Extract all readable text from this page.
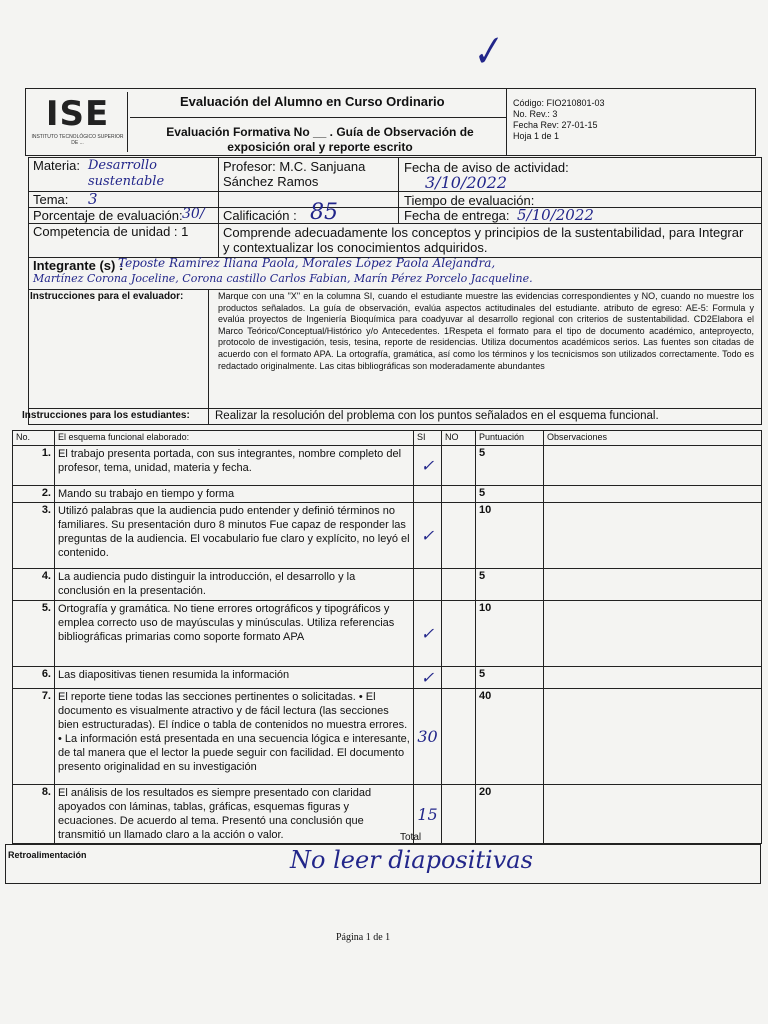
✓
ISE
INSTITUTO TECNOLÓGICO SUPERIOR DE ...
Evaluación del Alumno en Curso Ordinario
Evaluación Formativa No __ . Guía de Observación de exposición oral y reporte escrito
Código: FIO210801-03
No. Rev.: 3
Fecha Rev: 27-01-15
Hoja 1 de 1
Materia: Desarrollo sustentable
Profesor: M.C. Sanjuana Sánchez Ramos
Fecha de aviso de actividad:
3/10/2022
Tema: 3	Tiempo de evaluación:
Porcentaje de evaluación: 30/ Calificación : 85	Fecha de entrega: 5/10/2022
Competencia de unidad : 1	Comprende adecuadamente los conceptos y principios de la sustentabilidad, para Integrar y contextualizar los conocimientos adquiridos.
Integrante (s) :
Teposte Ramírez Iliana Paola, Morales López Paola Alejandra,
Martínez Corona Joceline, Corona castillo Carlos Fabian, Marín Pérez Porcelo Jacqueline.
Instrucciones para el evaluador:	Marque con una "X" en la columna SI, cuando el estudiante muestre las evidencias correspondientes y NO, cuando no muestre los productos señalados. La guía de observación, evalúa aspectos actitudinales del estudiante. atributo de egreso: AE-5: Formula y evalúa proyectos de Ingeniería Bioquímica para coadyuvar al desarrollo regional con criterios de sustentabilidad. CD2Elabora el Marco Teórico/Conceptual/Histórico y/o Antecedentes. 1Respeta el formato para el tipo de documento académico, anteproyecto, protocolo de investigación, tesis, tesina, reporte de residencias. Utiliza documentos académicos serios. Las fuentes son citadas de acuerdo con el formato APA. La ortografía, gramática, así como los términos y los tecnicismos son utilizados correctamente. Todo es redactado originalmente. Las citas bibliográficas son moderadamente abundantes
Instrucciones para los estudiantes: Realizar la resolución del problema con los puntos señalados en el esquema funcional.
No.	El esquema funcional elaborado:	SI	NO	Puntuación	Observaciones
1.	El trabajo presenta portada, con sus integrantes, nombre completo del profesor, tema, unidad, materia y fecha.	✓		5	
2.	Mando su trabajo en tiempo y forma			5	
3.	Utilizó palabras que la audiencia pudo entender y definió términos no familiares. Su presentación duro 8 minutos Fue capaz de responder las preguntas de la audiencia. El vocabulario fue claro y explícito, no leyó el contenido.	✓		10	
4.	La audiencia pudo distinguir la introducción, el desarrollo y la conclusión en la presentación.			5	
5.	Ortografía y gramática. No tiene errores ortográficos y tipográficos y emplea correcto uso de mayúsculas y minúsculas. Utiliza referencias bibliográficas primarias como soporte formato APA	✓		10	
6.	Las diapositivas tienen resumida la información	✓		5	
7.	El reporte tiene todas las secciones pertinentes o solicitadas. • El documento es visualmente atractivo y de fácil lectura (las secciones bien estructuradas). El índice o tabla de contenidos no muestra errores. • La información está presentada en una secuencia lógica e interesante, de tal manera que el lector la puede seguir con facilidad. El documento presento originalidad en su investigación	30		40	
8.	El análisis de los resultados es siempre presentado con claridad apoyados con láminas, tablas, gráficas, esquemas figuras y ecuaciones. De acuerdo al tema. Presentó una conclusión que transmitió un llamado claro a la acción o valor.	15		20	
Total
Retroalimentación	No leer diapositivas
Página 1 de 1
